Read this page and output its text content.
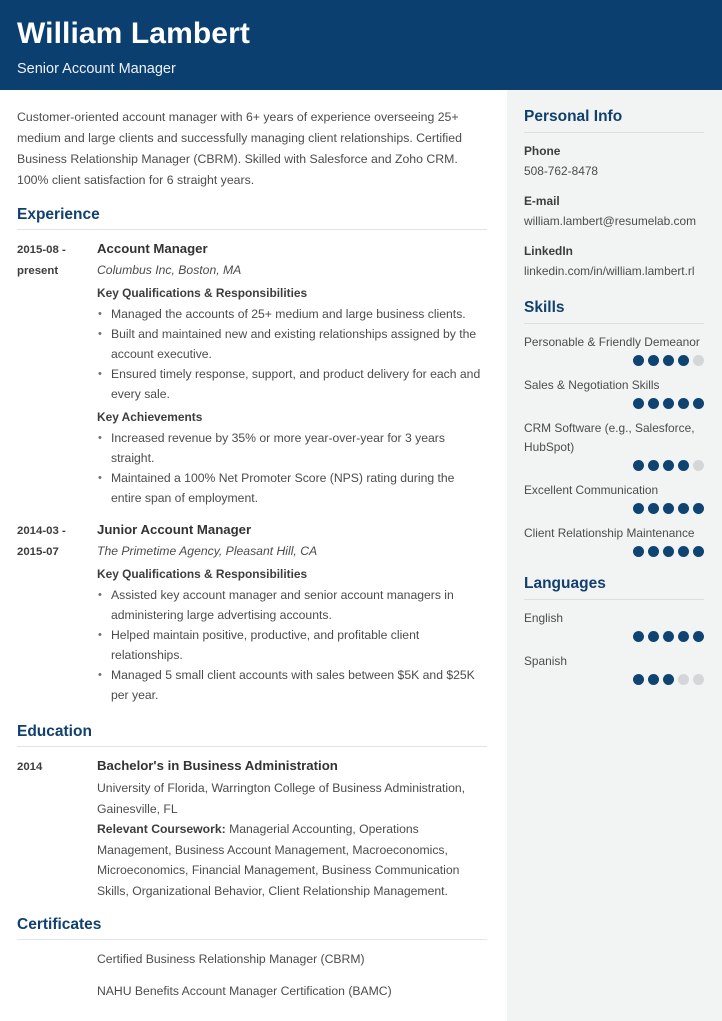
William Lambert
Senior Account Manager

Customer-oriented account manager with 6+ years of experience overseeing 25+ medium and large clients and successfully managing client relationships. Certified Business Relationship Manager (CBRM). Skilled with Salesforce and Zoho CRM. 100% client satisfaction for 6 straight years.

Experience
2015-08 -
present
Account Manager
Columbus Inc, Boston, MA
Key Qualifications & Responsibilities
• Managed the accounts of 25+ medium and large business clients.
• Built and maintained new and existing relationships assigned by the account executive.
• Ensured timely response, support, and product delivery for each and every sale.
Key Achievements
• Increased revenue by 35% or more year-over-year for 3 years straight.
• Maintained a 100% Net Promoter Score (NPS) rating during the entire span of employment.
2014-03 -
2015-07
Junior Account Manager
The Primetime Agency, Pleasant Hill, CA
Key Qualifications & Responsibilities
• Assisted key account manager and senior account managers in administering large advertising accounts.
• Helped maintain positive, productive, and profitable client relationships.
• Managed 5 small client accounts with sales between $5K and $25K per year.
Education
2014	Bachelor's in Business Administration
University of Florida, Warrington College of Business Administration, Gainesville, FL
Relevant Coursework: Managerial Accounting, Operations Management, Business Account Management, Macroeconomics, Microeconomics, Financial Management, Business Communication Skills, Organizational Behavior, Client Relationship Management.
Certificates
Certified Business Relationship Manager (CBRM)
NAHU Benefits Account Manager Certification (BAMC)
Personal Info
Phone
508-762-8478
E-mail
william.lambert@resumelab.com
LinkedIn
linkedin.com/in/william.lambert.rl
Skills
Personable & Friendly Demeanor
Sales & Negotiation Skills
CRM Software (e.g., Salesforce, HubSpot)
Excellent Communication
Client Relationship Maintenance
Languages
English
Spanish
